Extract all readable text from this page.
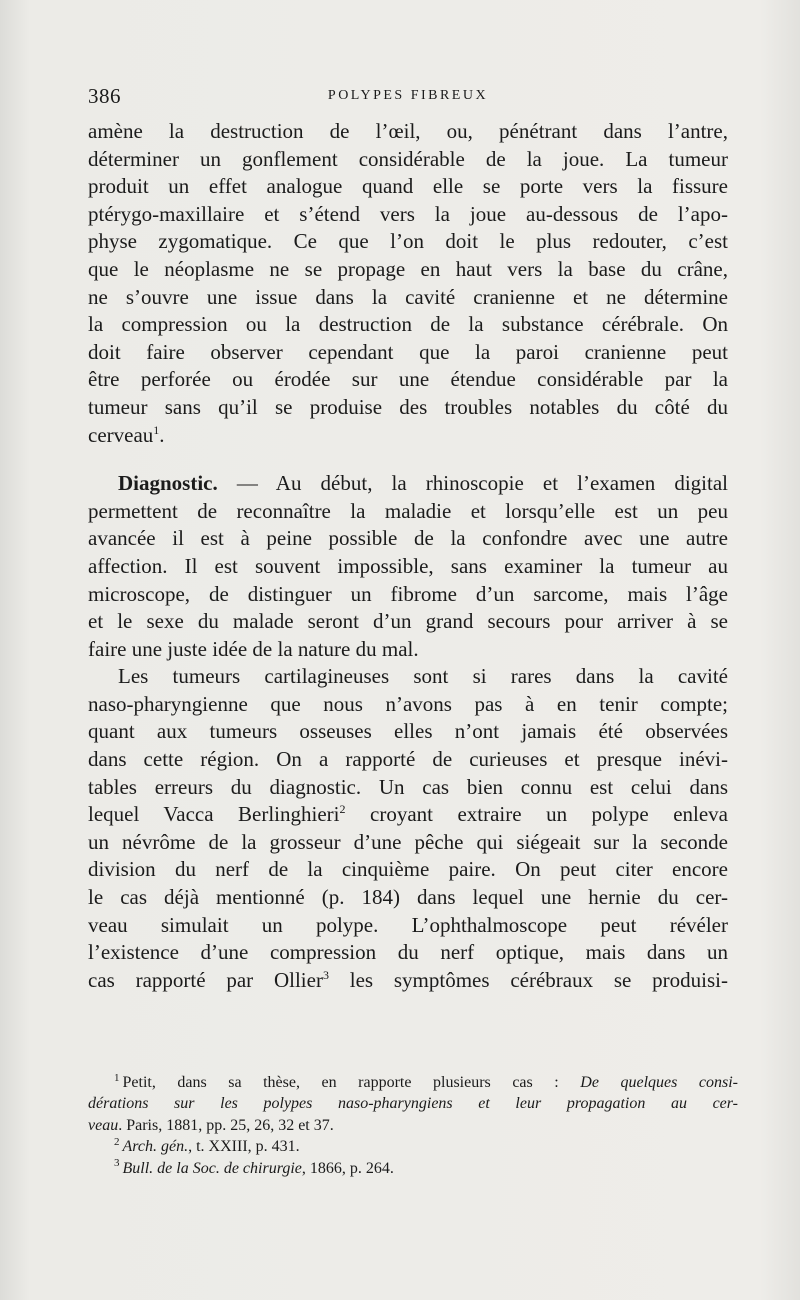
386	POLYPES FIBREUX
amène la destruction de l’œil, ou, pénétrant dans l’antre,
déterminer un gonflement considérable de la joue. La tumeur
produit un effet analogue quand elle se porte vers la fissure
ptérygo-maxillaire et s’étend vers la joue au-dessous de l’apo-
physe zygomatique. Ce que l’on doit le plus redouter, c’est
que le néoplasme ne se propage en haut vers la base du crâne,
ne s’ouvre une issue dans la cavité cranienne et ne détermine
la compression ou la destruction de la substance cérébrale. On
doit faire observer cependant que la paroi cranienne peut
être perforée ou érodée sur une étendue considérable par la
tumeur sans qu’il se produise des troubles notables du côté du
cerveau$^1$.
Diagnostic. — Au début, la rhinoscopie et l’examen digital
permettent de reconnaître la maladie et lorsqu’elle est un peu
avancée il est à peine possible de la confondre avec une autre
affection. Il est souvent impossible, sans examiner la tumeur au
microscope, de distinguer un fibrome d’un sarcome, mais l’âge
et le sexe du malade seront d’un grand secours pour arriver à se
faire une juste idée de la nature du mal.
Les tumeurs cartilagineuses sont si rares dans la cavité
naso-pharyngienne que nous n’avons pas à en tenir compte;
quant aux tumeurs osseuses elles n’ont jamais été observées
dans cette région. On a rapporté de curieuses et presque inévi-
tables erreurs du diagnostic. Un cas bien connu est celui dans
lequel Vacca Berlinghieri$^2$ croyant extraire un polype enleva
un névrôme de la grosseur d’une pêche qui siégeait sur la seconde
division du nerf de la cinquième paire. On peut citer encore
le cas déjà mentionné (p. 184) dans lequel une hernie du cer-
veau simulait un polype. L’ophthalmoscope peut révéler
l’existence d’une compression du nerf optique, mais dans un
cas rapporté par Ollier$^3$ les symptômes cérébraux se produisi-
$^1$ Petit, dans sa thèse, en rapporte plusieurs cas : De quelques consi-
dérations sur les polypes naso-pharyngiens et leur propagation au cer-
veau. Paris, 1881, pp. 25, 26, 32 et 37.
$^2$ Arch. gén., t. XXIII, p. 431.
$^3$ Bull. de la Soc. de chirurgie, 1866, p. 264.
